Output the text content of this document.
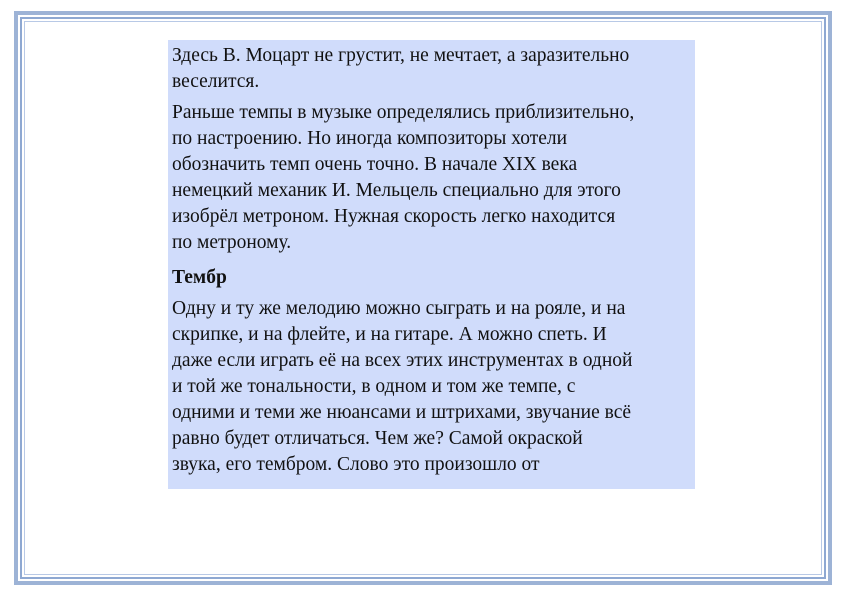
Здесь В. Моцарт не грустит, не мечтает, а заразительно
веселится.

Раньше темпы в музыке определялись приблизительно,
по настроению. Но иногда композиторы хотели
обозначить темп очень точно. В начале XIX века
немецкий механик И. Мельцель специально для этого
изобрёл метроном. Нужная скорость легко находится
по метроному.

Тембр

Одну и ту же мелодию можно сыграть и на рояле, и на
скрипке, и на флейте, и на гитаре. А можно спеть. И
даже если играть её на всех этих инструментах в одной
и той же тональности, в одном и том же темпе, с
одними и теми же нюансами и штрихами, звучание всё
равно будет отличаться. Чем же? Самой окраской
звука, его тембром. Слово это произошло от
